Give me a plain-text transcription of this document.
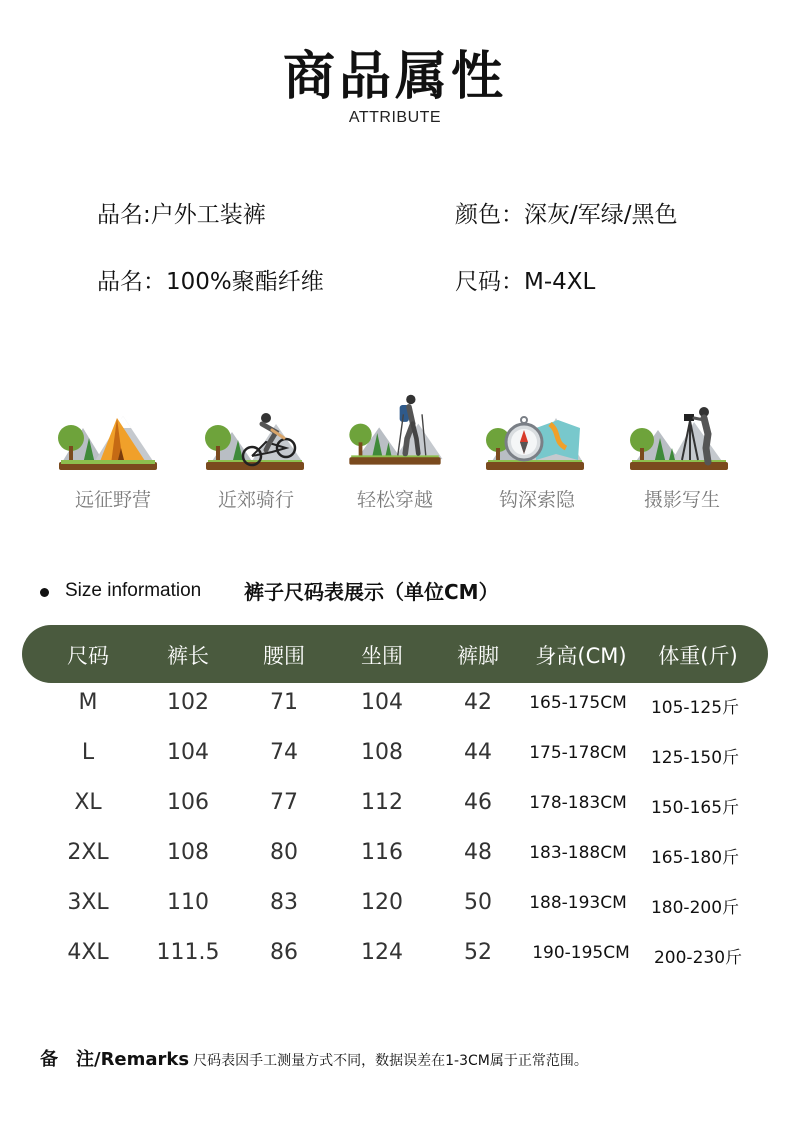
商品属性
ATTRIBUTE
品名:户外工装裤	颜色：深灰/军绿/黑色
品名：100%聚酯纤维	尺码：M-4XL
远征野营	近郊骑行	轻松穿越	钩深索隐	摄影写生
Size information 裤子尺码表展示（单位CM）
尺码	裤长	腰围	坐围	裤脚	身高(CM)	体重(斤)
M	102	71	104	42	165-175CM	105-125斤
L	104	74	108	44	175-178CM	125-150斤
XL	106	77	112	46	178-183CM	150-165斤
2XL	108	80	116	48	183-188CM	165-180斤
3XL	110	83	120	50	188-193CM	180-200斤
4XL	111.5	86	124	52	190-195CM	200-230斤
备　注/Remarks 尺码表因手工测量方式不同，数据误差在1-3CM属于正常范围。
